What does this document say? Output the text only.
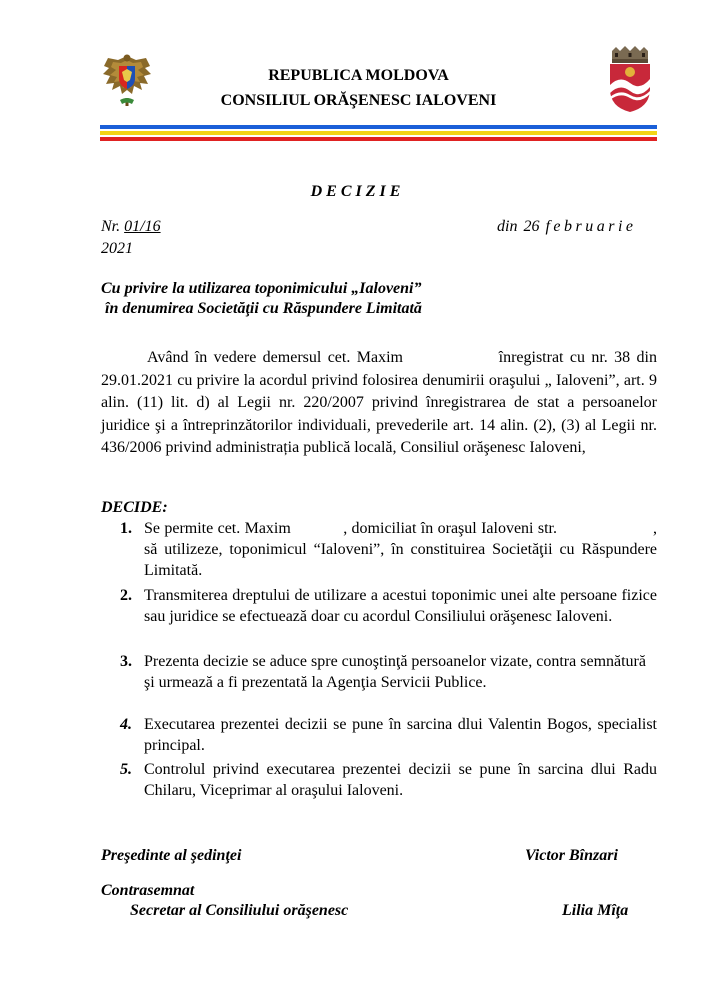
REPUBLICA MOLDOVA
CONSILIUL ORĂŞENESC IALOVENI
DECIZIE
Nr. 01/16	din 26 februarie
2021
Cu privire la utilizarea toponimicului „Ialoveni”
în denumirea Societăţii cu Răspundere Limitată

Având în vedere demersul cet. Maxim               înregistrat cu nr. 38 din 29.01.2021 cu privire la acordul privind folosirea denumirii oraşului „ Ialoveni”, art. 9 alin. (11) lit. d) al Legii nr. 220/2007 privind înregistrarea de stat a persoanelor juridice şi a întreprinzătorilor individuali, prevederile art. 14 alin. (2), (3) al Legii nr. 436/2006 privind administrația publică locală, Consiliul orăşenesc Ialoveni,

DECIDE:
1. Se permite cet. Maxim            , domiciliat în oraşul Ialoveni str.                      , să utilizeze, toponimicul “Ialoveni”, în constituirea Societăţii cu Răspundere Limitată.
2. Transmiterea dreptului de utilizare a acestui toponimic unei alte persoane fizice sau juridice se efectuează doar cu acordul Consiliului orăşenesc Ialoveni.
3. Prezenta decizie se aduce spre cunoştinţă persoanelor vizate, contra semnătură
şi urmează a fi prezentată la Agenţia Servicii Publice.
4. Executarea prezentei decizii se pune în sarcina dlui Valentin Bogos, specialist principal.
5. Controlul privind executarea prezentei decizii se pune în sarcina dlui Radu Chilaru, Viceprimar al oraşului Ialoveni.
Preşedinte al şedinţei	Victor Bînzari
Contrasemnat
Secretar al Consiliului orăşenesc	Lilia Mîţa
